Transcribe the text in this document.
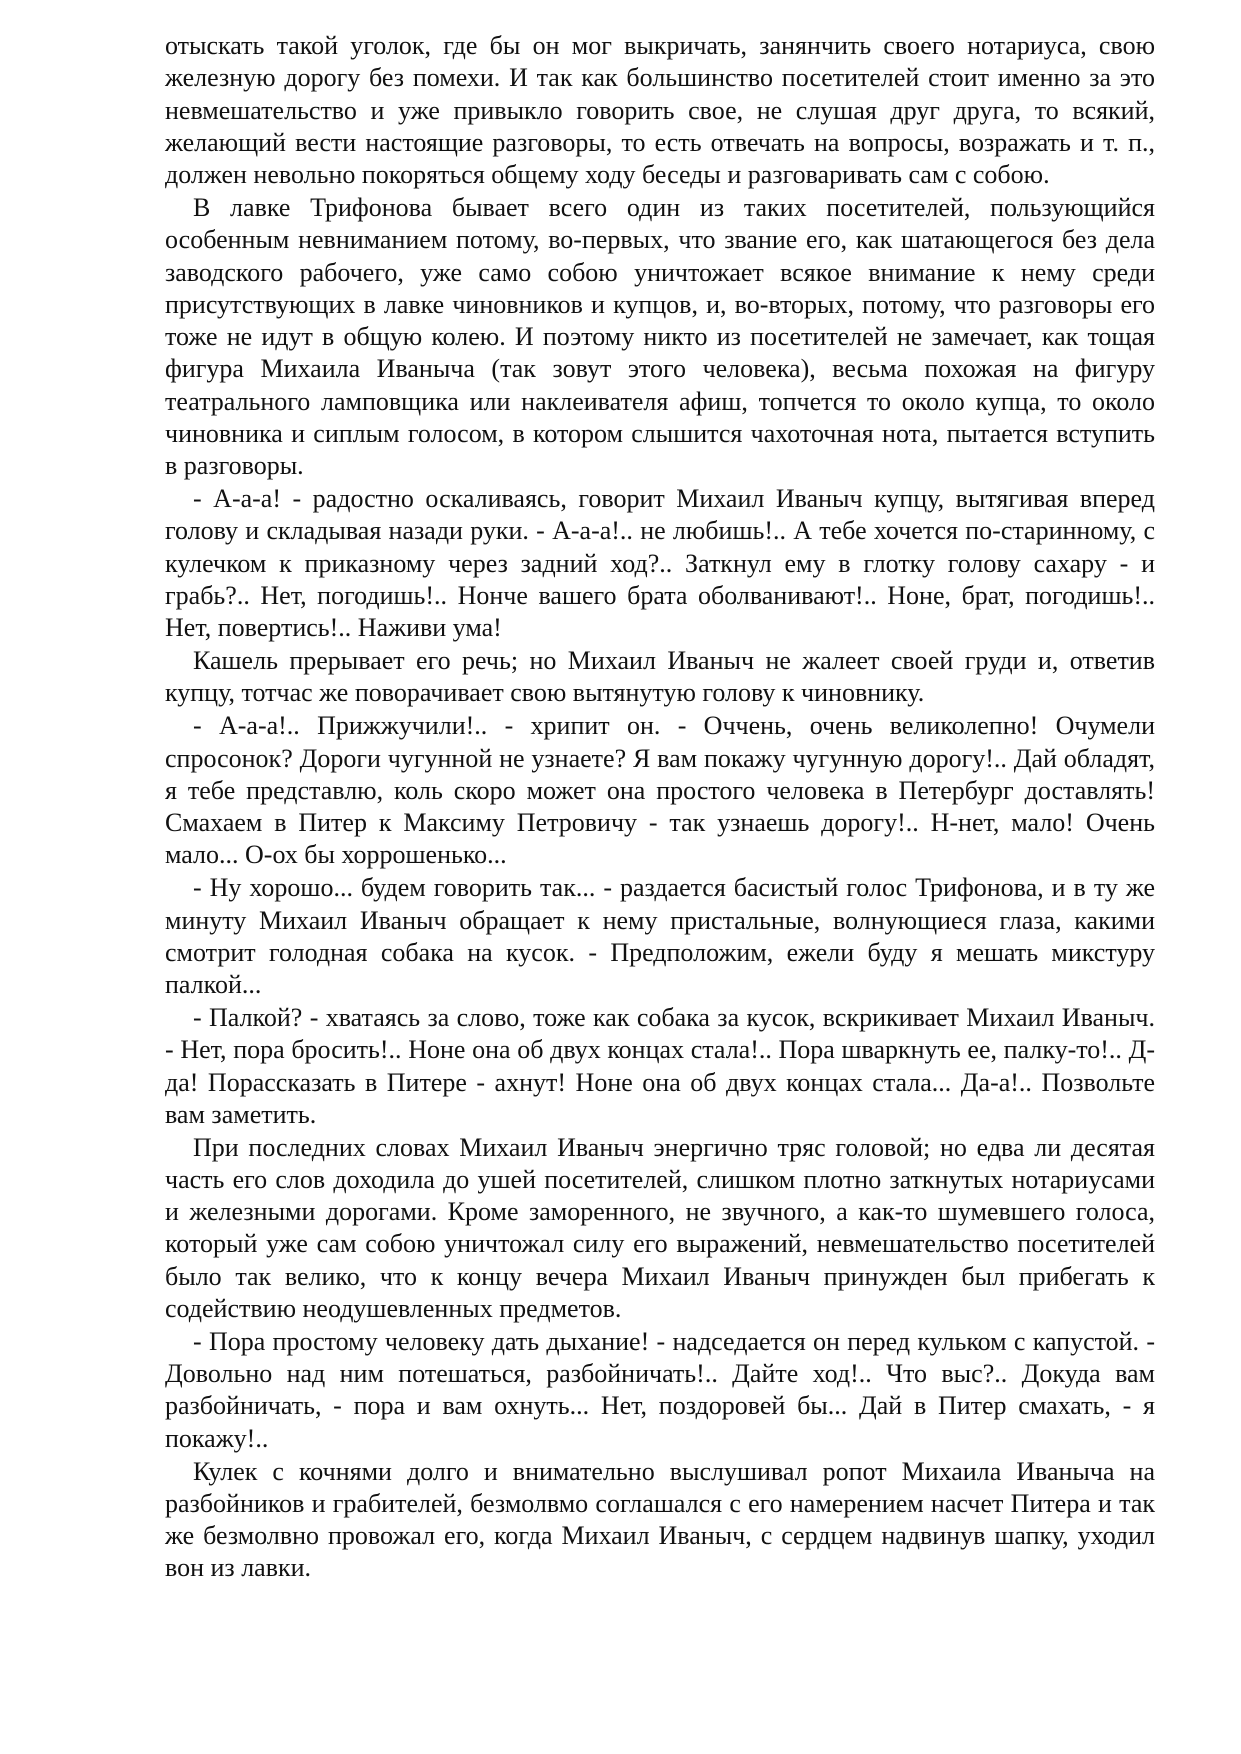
отыскать такой уголок, где бы он мог выкричать, занянчить своего нотариуса, свою железную дорогу без помехи. И так как большинство посетителей стоит именно за это невмешательство и уже привыкло говорить свое, не слушая друг друга, то всякий, желающий вести настоящие разговоры, то есть отвечать на вопросы, возражать и т. п., должен невольно покоряться общему ходу беседы и разговаривать сам с собою.

В лавке Трифонова бывает всего один из таких посетителей, пользующийся особенным невниманием потому, во-первых, что звание его, как шатающегося без дела заводского рабочего, уже само собою уничтожает всякое внимание к нему среди присутствующих в лавке чиновников и купцов, и, во-вторых, потому, что разговоры его тоже не идут в общую колею. И поэтому никто из посетителей не замечает, как тощая фигура Михаила Иваныча (так зовут этого человека), весьма похожая на фигуру театрального ламповщика или наклеивателя афиш, топчется то около купца, то около чиновника и сиплым голосом, в котором слышится чахоточная нота, пытается вступить в разговоры.

- А-а-а! - радостно оскаливаясь, говорит Михаил Иваныч купцу, вытягивая вперед голову и складывая назади руки. - А-а-а!.. не любишь!.. А тебе хочется по-старинному, с кулечком к приказному через задний ход?.. Заткнул ему в глотку голову сахару - и грабь?.. Нет, погодишь!.. Нонче вашего брата оболванивают!.. Ноне, брат, погодишь!.. Нет, повертись!.. Наживи ума!

Кашель прерывает его речь; но Михаил Иваныч не жалеет своей груди и, ответив купцу, тотчас же поворачивает свою вытянутую голову к чиновнику.

- А-а-а!.. Прижжучили!.. - хрипит он. - Оччень, очень великолепно! Очумели спросонок? Дороги чугунной не узнаете? Я вам покажу чугунную дорогу!.. Дай обладят, я тебе представлю, коль скоро может она простого человека в Петербург доставлять! Смахаем в Питер к Максиму Петровичу - так узнаешь дорогу!.. Н-нет, мало! Очень мало... О-ох бы хоррошенько...

- Ну хорошо... будем говорить так... - раздается басистый голос Трифонова, и в ту же минуту Михаил Иваныч обращает к нему пристальные, волнующиеся глаза, какими смотрит голодная собака на кусок. - Предположим, ежели буду я мешать микстуру палкой...

- Палкой? - хватаясь за слово, тоже как собака за кусок, вскрикивает Михаил Иваныч. - Нет, пора бросить!.. Ноне она об двух концах стала!.. Пора шваркнуть ее, палку-то!.. Д-да! Порассказать в Питере - ахнут! Ноне она об двух концах стала... Да-а!.. Позвольте вам заметить.

При последних словах Михаил Иваныч энергично тряс головой; но едва ли десятая часть его слов доходила до ушей посетителей, слишком плотно заткнутых нотариусами и железными дорогами. Кроме заморенного, не звучного, а как-то шумевшего голоса, который уже сам собою уничтожал силу его выражений, невмешательство посетителей было так велико, что к концу вечера Михаил Иваныч принужден был прибегать к содействию неодушевленных предметов.

- Пора простому человеку дать дыхание! - надседается он перед кульком с капустой. - Довольно над ним потешаться, разбойничать!.. Дайте ход!.. Что выс?.. Докуда вам разбойничать, - пора и вам охнуть... Нет, поздоровей бы... Дай в Питер смахать, - я покажу!..

Кулек с кочнями долго и внимательно выслушивал ропот Михаила Иваныча на разбойников и грабителей, безмолвмо соглашался с его намерением насчет Питера и так же безмолвно провожал его, когда Михаил Иваныч, с сердцем надвинув шапку, уходил вон из лавки.
